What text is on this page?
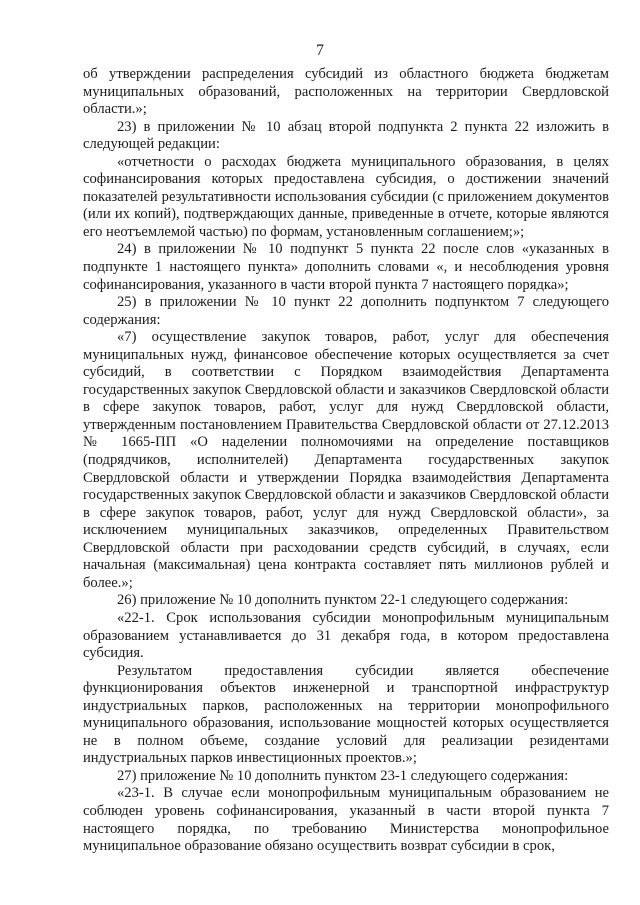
7

об утверждении распределения субсидий из областного бюджета бюджетам муниципальных образований, расположенных на территории Свердловской области.»;

23) в приложении № 10 абзац второй подпункта 2 пункта 22 изложить в следующей редакции:

«отчетности о расходах бюджета муниципального образования, в целях софинансирования которых предоставлена субсидия, о достижении значений показателей результативности использования субсидии (с приложением документов (или их копий), подтверждающих данные, приведенные в отчете, которые являются его неотъемлемой частью) по формам, установленным соглашением;»;

24) в приложении № 10 подпункт 5 пункта 22 после слов «указанных в подпункте 1 настоящего пункта» дополнить словами «, и несоблюдения уровня софинансирования, указанного в части второй пункта 7 настоящего порядка»;

25) в приложении № 10 пункт 22 дополнить подпунктом 7 следующего содержания:

«7) осуществление закупок товаров, работ, услуг для обеспечения муниципальных нужд, финансовое обеспечение которых осуществляется за счет субсидий, в соответствии с Порядком взаимодействия Департамента государственных закупок Свердловской области и заказчиков Свердловской области в сфере закупок товаров, работ, услуг для нужд Свердловской области, утвержденным постановлением Правительства Свердловской области от 27.12.2013 № 1665-ПП «О наделении полномочиями на определение поставщиков (подрядчиков, исполнителей) Департамента государственных закупок Свердловской области и утверждении Порядка взаимодействия Департамента государственных закупок Свердловской области и заказчиков Свердловской области в сфере закупок товаров, работ, услуг для нужд Свердловской области», за исключением муниципальных заказчиков, определенных Правительством Свердловской области при расходовании средств субсидий, в случаях, если начальная (максимальная) цена контракта составляет пять миллионов рублей и более.»;

26) приложение № 10 дополнить пунктом 22-1 следующего содержания:

«22-1. Срок использования субсидии монопрофильным муниципальным образованием устанавливается до 31 декабря года, в котором предоставлена субсидия.

Результатом предоставления субсидии является обеспечение функционирования объектов инженерной и транспортной инфраструктур индустриальных парков, расположенных на территории монопрофильного муниципального образования, использование мощностей которых осуществляется не в полном объеме, создание условий для реализации резидентами индустриальных парков инвестиционных проектов.»;

27) приложение № 10 дополнить пунктом 23-1 следующего содержания:

«23-1. В случае если монопрофильным муниципальным образованием не соблюден уровень софинансирования, указанный в части второй пункта 7 настоящего порядка, по требованию Министерства монопрофильное муниципальное образование обязано осуществить возврат субсидии в срок,
